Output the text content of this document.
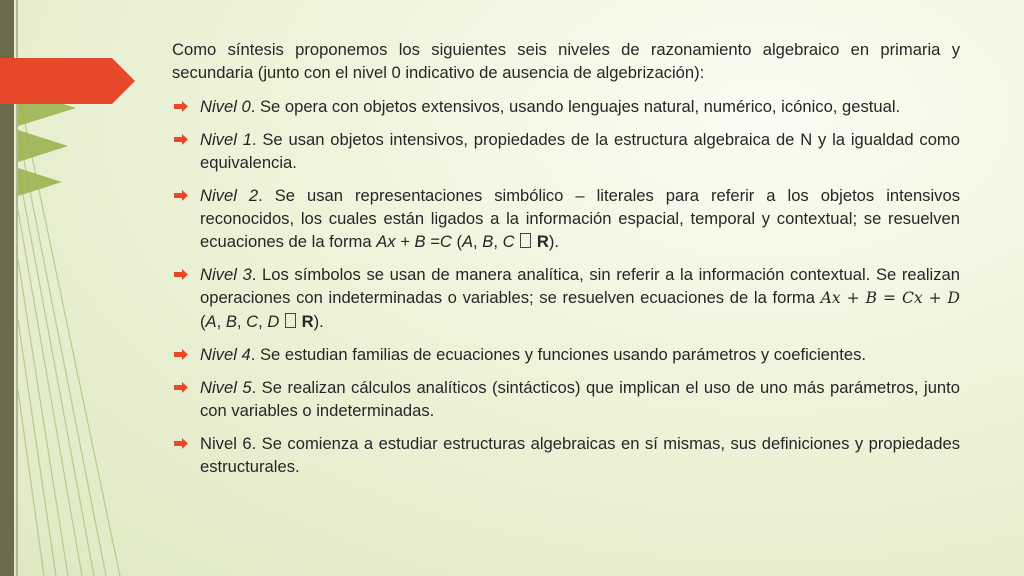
Como síntesis proponemos los siguientes seis niveles de razonamiento algebraico en primaria y secundaria (junto con el nivel 0 indicativo de ausencia de algebrización):

Nivel 0. Se opera con objetos extensivos, usando lenguajes natural, numérico, icónico, gestual.
Nivel 1. Se usan objetos intensivos, propiedades de la estructura algebraica de N y la igualdad como equivalencia.
Nivel 2. Se usan representaciones simbólico – literales para referir a los objetos intensivos reconocidos, los cuales están ligados a la información espacial, temporal y contextual; se resuelven ecuaciones de la forma Ax + B =C (A, B, C R).
Nivel 3. Los símbolos se usan de manera analítica, sin referir a la información contextual. Se realizan operaciones con indeterminadas o variables; se resuelven ecuaciones de la forma Ax + B = Cx + D (A, B, C, D R).
Nivel 4. Se estudian familias de ecuaciones y funciones usando parámetros y coeficientes.
Nivel 5. Se realizan cálculos analíticos (sintácticos) que implican el uso de uno más parámetros, junto con variables o indeterminadas.
Nivel 6. Se comienza a estudiar estructuras algebraicas en sí mismas, sus definiciones y propiedades estructurales.
